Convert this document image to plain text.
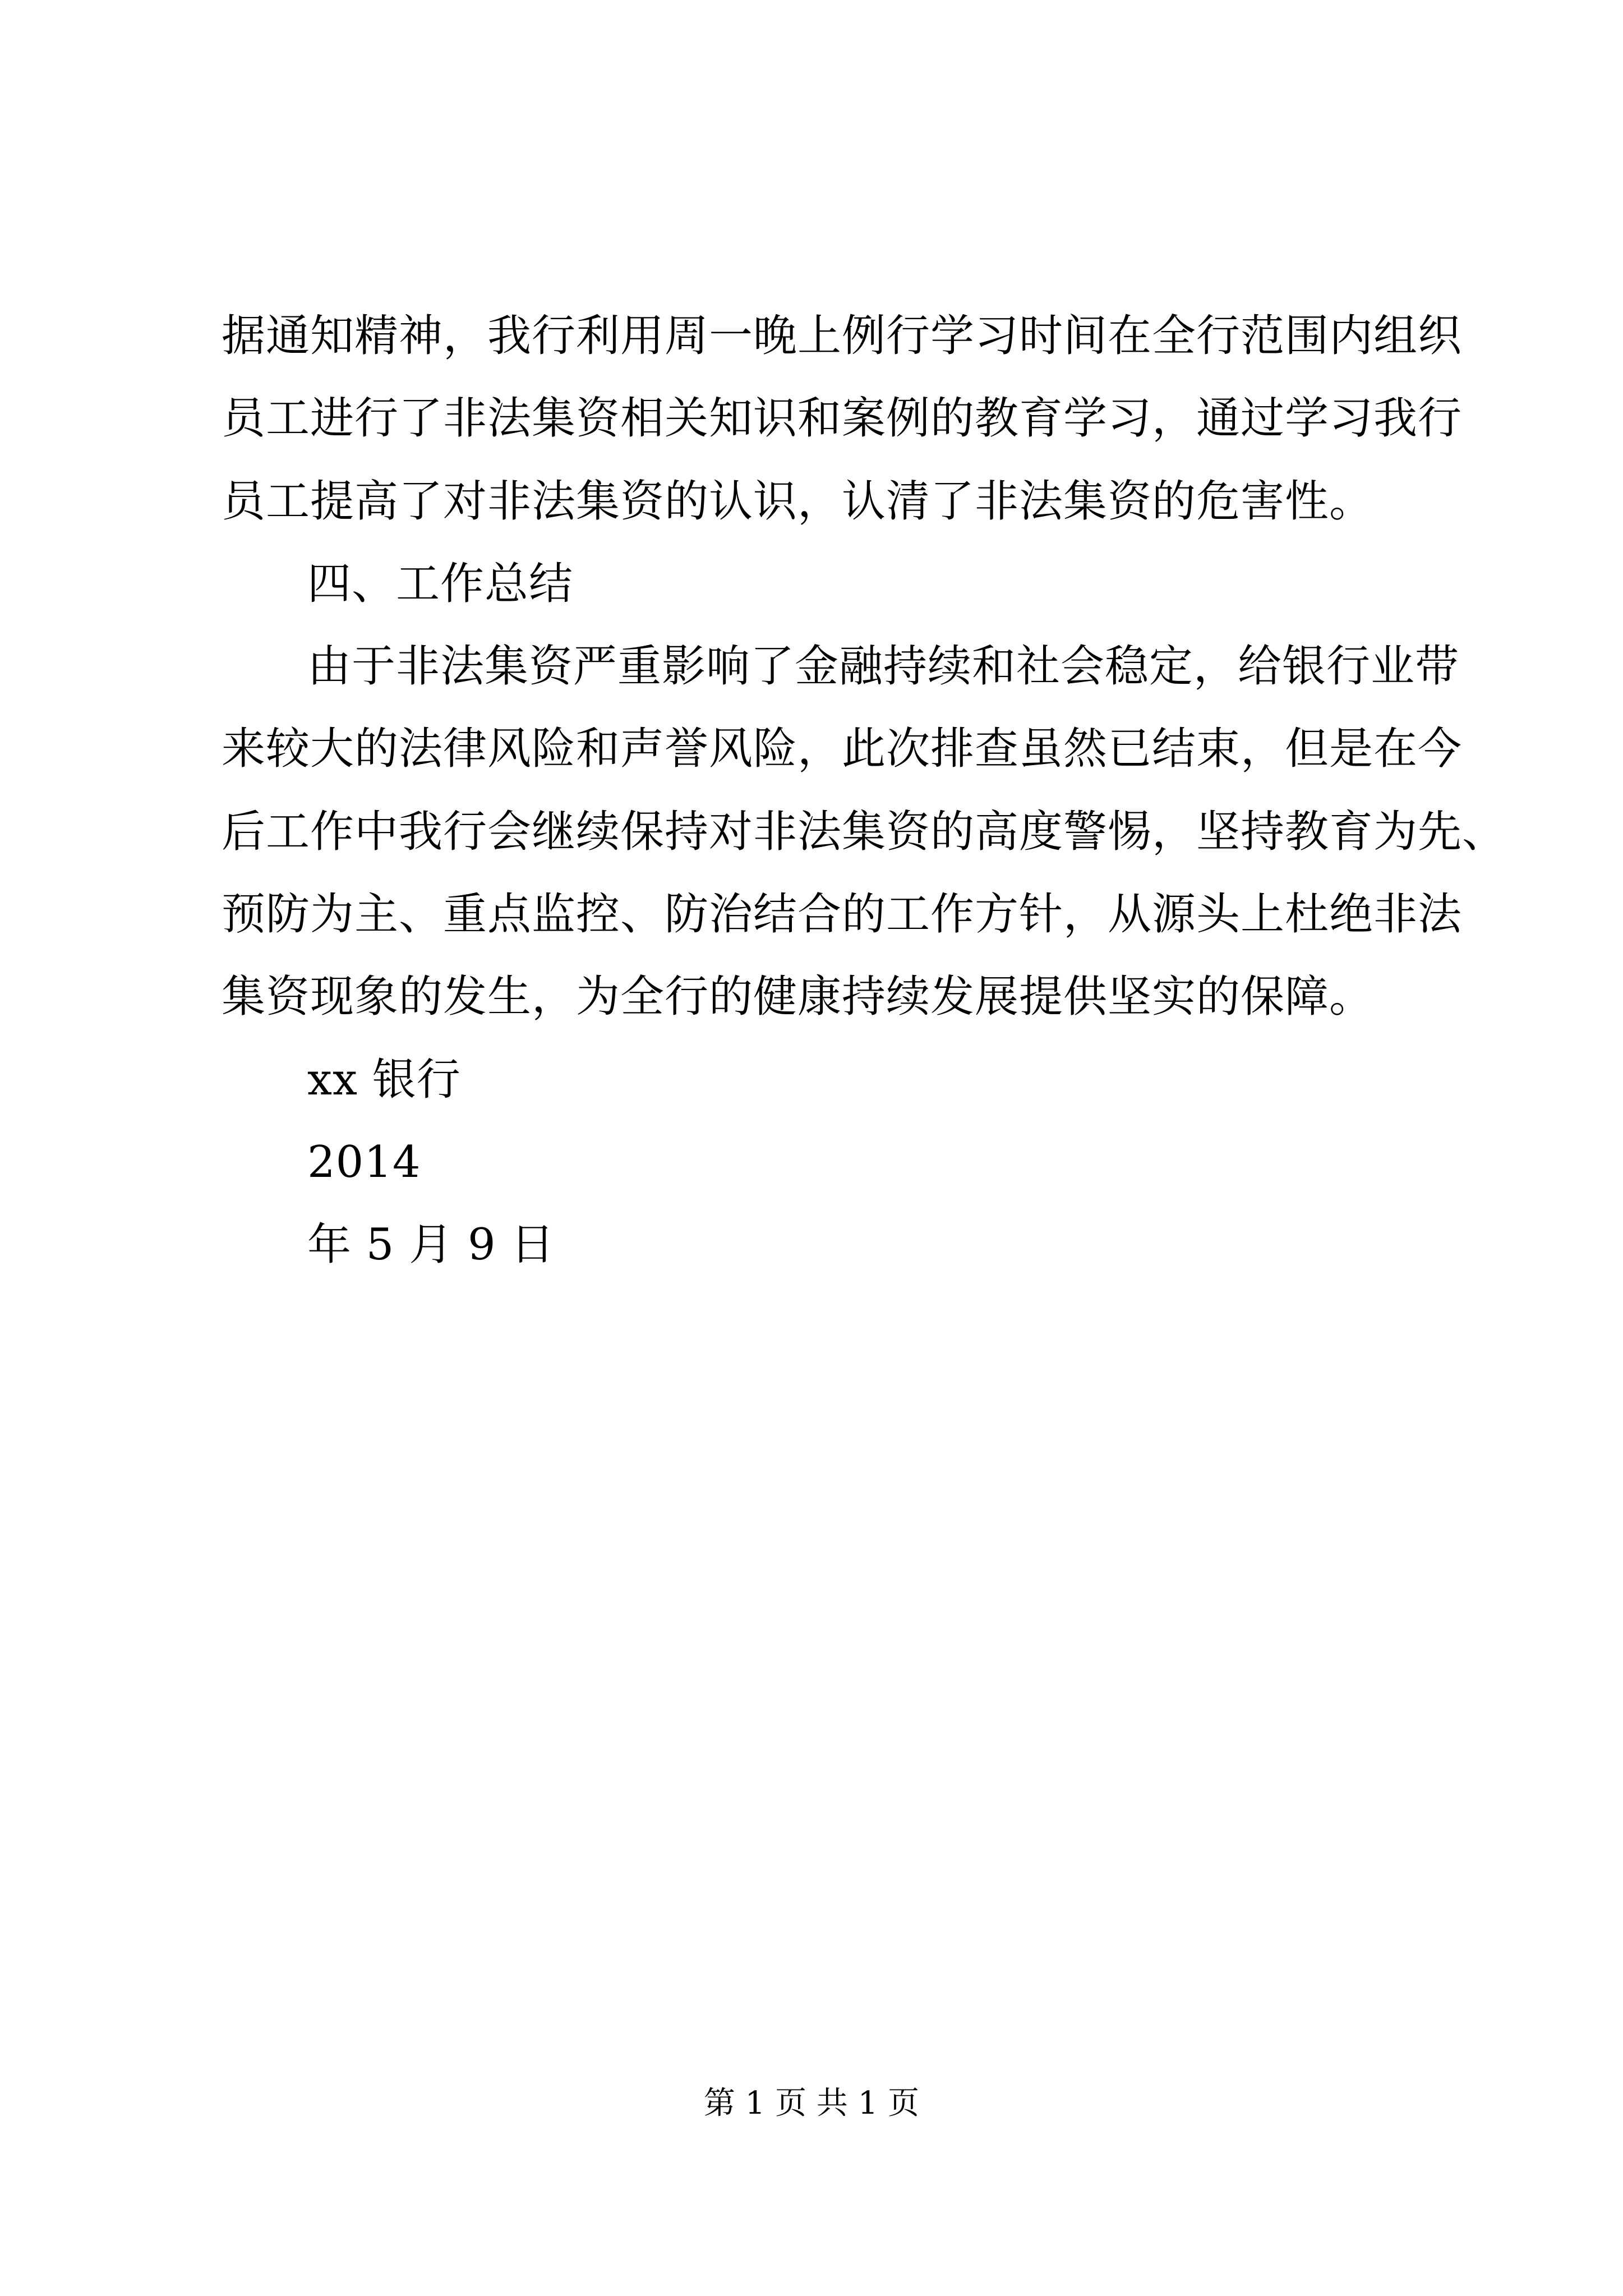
据通知精神，我行利用周一晚上例行学习时间在全行范围内组织
员工进行了非法集资相关知识和案例的教育学习，通过学习我行
员工提高了对非法集资的认识，认清了非法集资的危害性。
四、工作总结
由于非法集资严重影响了金融持续和社会稳定，给银行业带
来较大的法律风险和声誉风险，此次排查虽然已结束，但是在今
后工作中我行会继续保持对非法集资的高度警惕，坚持教育为先、
预防为主、重点监控、防治结合的工作方针，从源头上杜绝非法
集资现象的发生，为全行的健康持续发展提供坚实的保障。
xx 银行
2014
年 5 月 9 日
第 1 页 共 1 页
